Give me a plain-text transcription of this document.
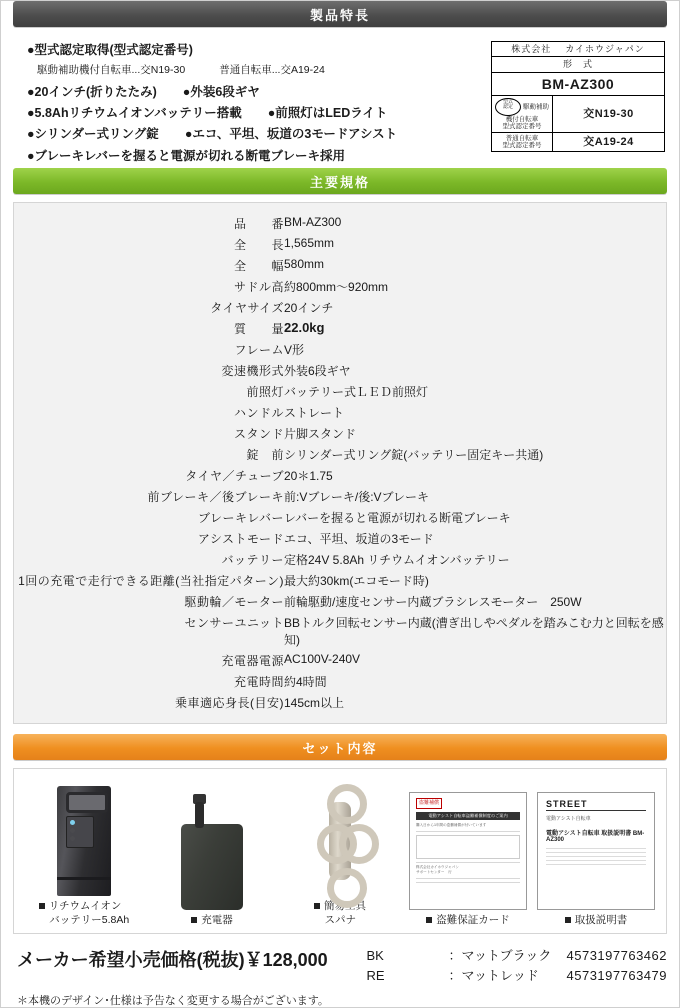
製品特長
●型式認定取得(型式認定番号)
駆動補助機付自転車...交N19-30	普通自転車...交A19-24
●20インチ(折りたたみ) ●外装6段ギヤ
●5.8Ahリチウムイオンバッテリー搭載 ●前照灯はLEDライト
●シリンダー式リング錠 ●エコ、平坦、坂道の3モードアシスト
●ブレーキレバーを握ると電源が切れる断電ブレーキ採用
株式会社 カイホウジャパン	
形　式	
BM-AZ300	
型式
認定 駆動補助機付自転車
型式認定番号	交N19-30
普通自転車
型式認定番号	交A19-24
主要規格
品　　番	BM-AZ300
全　　長	1,565mm
全　　幅	580mm
サドル高	約800mm〜920mm
タイヤサイズ	20インチ
質　　量	22.0kg
フレーム	V形
変速機形式	外装6段ギヤ
前照灯	バッテリー式ＬＥＤ前照灯
ハンドル	ストレート
スタンド	片脚スタンド
錠　前	シリンダー式リング錠(バッテリー固定キー共通)
タイヤ／チューブ	20＊1.75
前ブレーキ／後ブレーキ	前:Vブレーキ/後:Vブレーキ
ブレーキレバー	レバーを握ると電源が切れる断電ブレーキ
アシストモード	エコ、平坦、坂道の3モード
バッテリー	定格24V 5.8Ah リチウムイオンバッテリー
1回の充電で走行できる距離(当社指定パターン)	最大約30km(エコモード時)
駆動輪／モーター	前輪駆動/速度センサー内蔵ブラシレスモーター　250W
センサーユニット	BBトルク回転センサー内蔵(漕ぎ出しやペダルを踏みこむ力と回転を感知)
充電器電源	AC100V-240V
充電時間	約4時間
乗車適応身長(目安)	145cm以上
セット内容
リチウムイオン
　バッテリー5.8Ah	充電器
簡易工具
　スパナ
盗難補償
電動アシスト自転車盗難補償制度のご案内
購入日から1年間の盗難補償が付いています
株式会社カイホウジャパン
サポートセンター　行
盗難保証カード
STREET
電動アシスト自転車
電動アシスト自転車 取扱説明書 BM-AZ300
取扱説明書
メーカー希望小売価格(税抜)￥128,000	BK	：マットブラック	4573197763462
RE	：マットレッド	4573197763479
＊本機のデザイン･仕様は予告なく変更する場合がございます。
